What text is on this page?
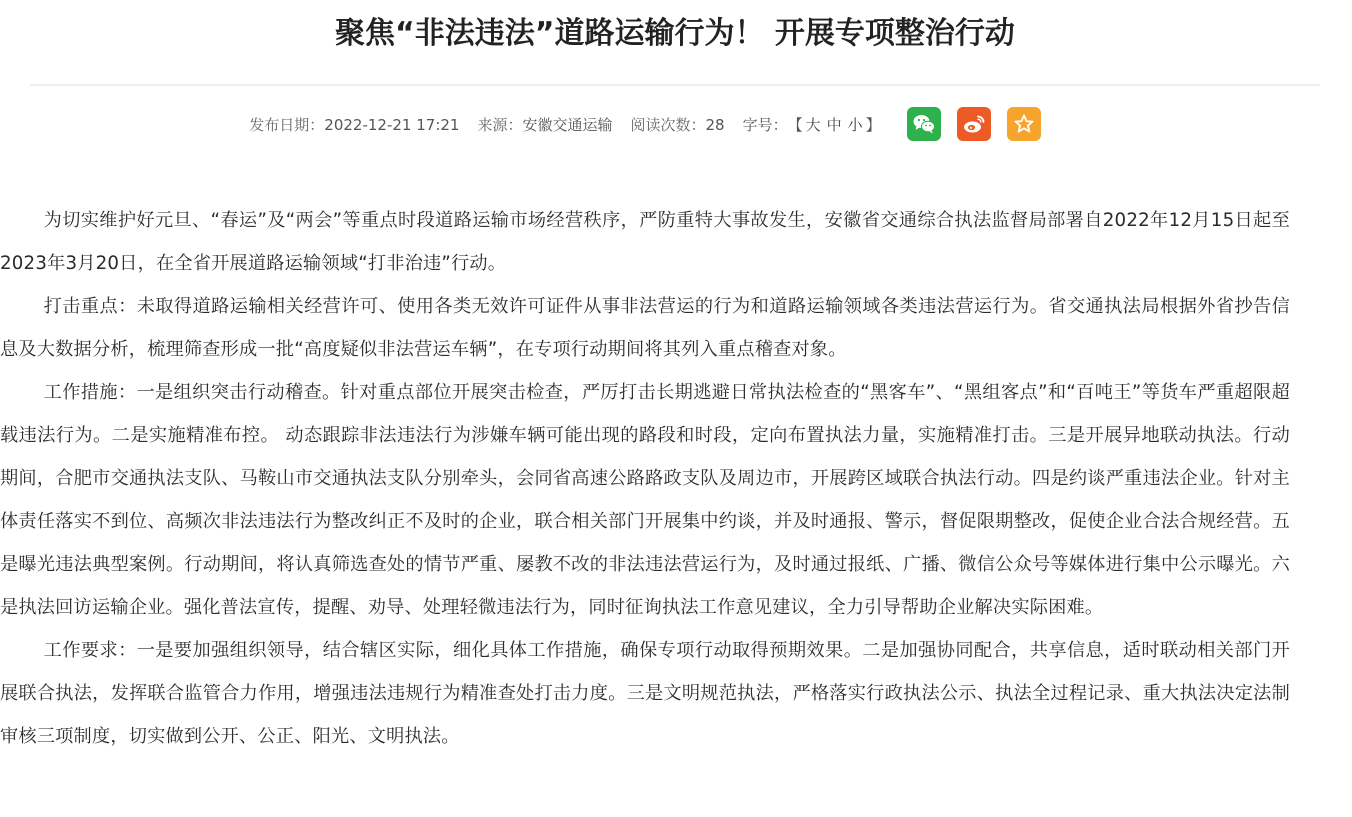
聚焦“非法违法”道路运输行为！ 开展专项整治行动
发布日期：2022-12-21 17:21 来源：安徽交通运输 阅读次数：28 字号： 【 大 中 小 】

为切实维护好元旦、“春运”及“两会”等重点时段道路运输市场经营秩序，严防重特大事故发生，安徽省交通综合执法监督局部署自2022年12月15日起至2023年3月20日，在全省开展道路运输领域“打非治违”行动。

打击重点：未取得道路运输相关经营许可、使用各类无效许可证件从事非法营运的行为和道路运输领域各类违法营运行为。省交通执法局根据外省抄告信息及大数据分析，梳理筛查形成一批“高度疑似非法营运车辆”，在专项行动期间将其列入重点稽查对象。

工作措施：一是组织突击行动稽查。针对重点部位开展突击检查，严厉打击长期逃避日常执法检查的“黑客车”、“黑组客点”和“百吨王”等货车严重超限超载违法行为。二是实施精准布控。 动态跟踪非法违法行为涉嫌车辆可能出现的路段和时段，定向布置执法力量，实施精准打击。三是开展异地联动执法。行动期间，合肥市交通执法支队、马鞍山市交通执法支队分别牵头，会同省高速公路路政支队及周边市，开展跨区域联合执法行动。四是约谈严重违法企业。针对主体责任落实不到位、高频次非法违法行为整改纠正不及时的企业，联合相关部门开展集中约谈，并及时通报、警示，督促限期整改，促使企业合法合规经营。五是曝光违法典型案例。行动期间，将认真筛选查处的情节严重、屡教不改的非法违法营运行为，及时通过报纸、广播、微信公众号等媒体进行集中公示曝光。六是执法回访运输企业。强化普法宣传，提醒、劝导、处理轻微违法行为，同时征询执法工作意见建议，全力引导帮助企业解决实际困难。

工作要求：一是要加强组织领导，结合辖区实际，细化具体工作措施，确保专项行动取得预期效果。二是加强协同配合，共享信息，适时联动相关部门开展联合执法，发挥联合监管合力作用，增强违法违规行为精准查处打击力度。三是文明规范执法，严格落实行政执法公示、执法全过程记录、重大执法决定法制审核三项制度，切实做到公开、公正、阳光、文明执法。
